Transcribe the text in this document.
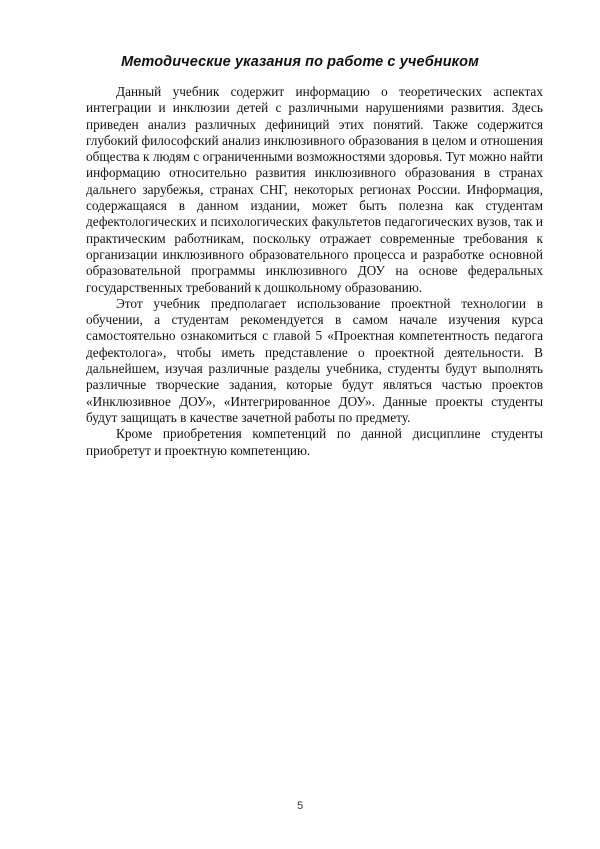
Методические указания по работе с учебником

Данный учебник содержит информацию о теоретических аспектах интеграции и инклюзии детей с различными нарушениями развития. Здесь приведен анализ различных дефиниций этих понятий. Также содержится глубокий философский анализ инклюзивного образования в целом и отношения общества к людям с ограниченными возможностями здоровья. Тут можно найти информацию относительно развития инклюзивного образования в странах дальнего зарубежья, странах СНГ, некоторых регионах России. Информация, содержащаяся в данном издании, может быть полезна как студентам дефектологических и психологических факультетов педагогических вузов, так и практическим работникам, поскольку отражает современные требования к организации инклюзивного образовательного процесса и разработке основной образовательной программы инклюзивного ДОУ на основе федеральных государственных требований к дошкольному образованию.

Этот учебник предполагает использование проектной технологии в обучении, а студентам рекомендуется в самом начале изучения курса самостоятельно ознакомиться с главой 5 «Проектная компетентность педагога дефектолога», чтобы иметь представление о проектной деятельности. В дальнейшем, изучая различные разделы учебника, студенты будут выполнять различные творческие задания, которые будут являться частью проектов «Инклюзивное ДОУ», «Интегрированное ДОУ». Данные проекты студенты будут защищать в качестве зачетной работы по предмету.

Кроме приобретения компетенций по данной дисциплине студенты приобретут и проектную компетенцию.

5
